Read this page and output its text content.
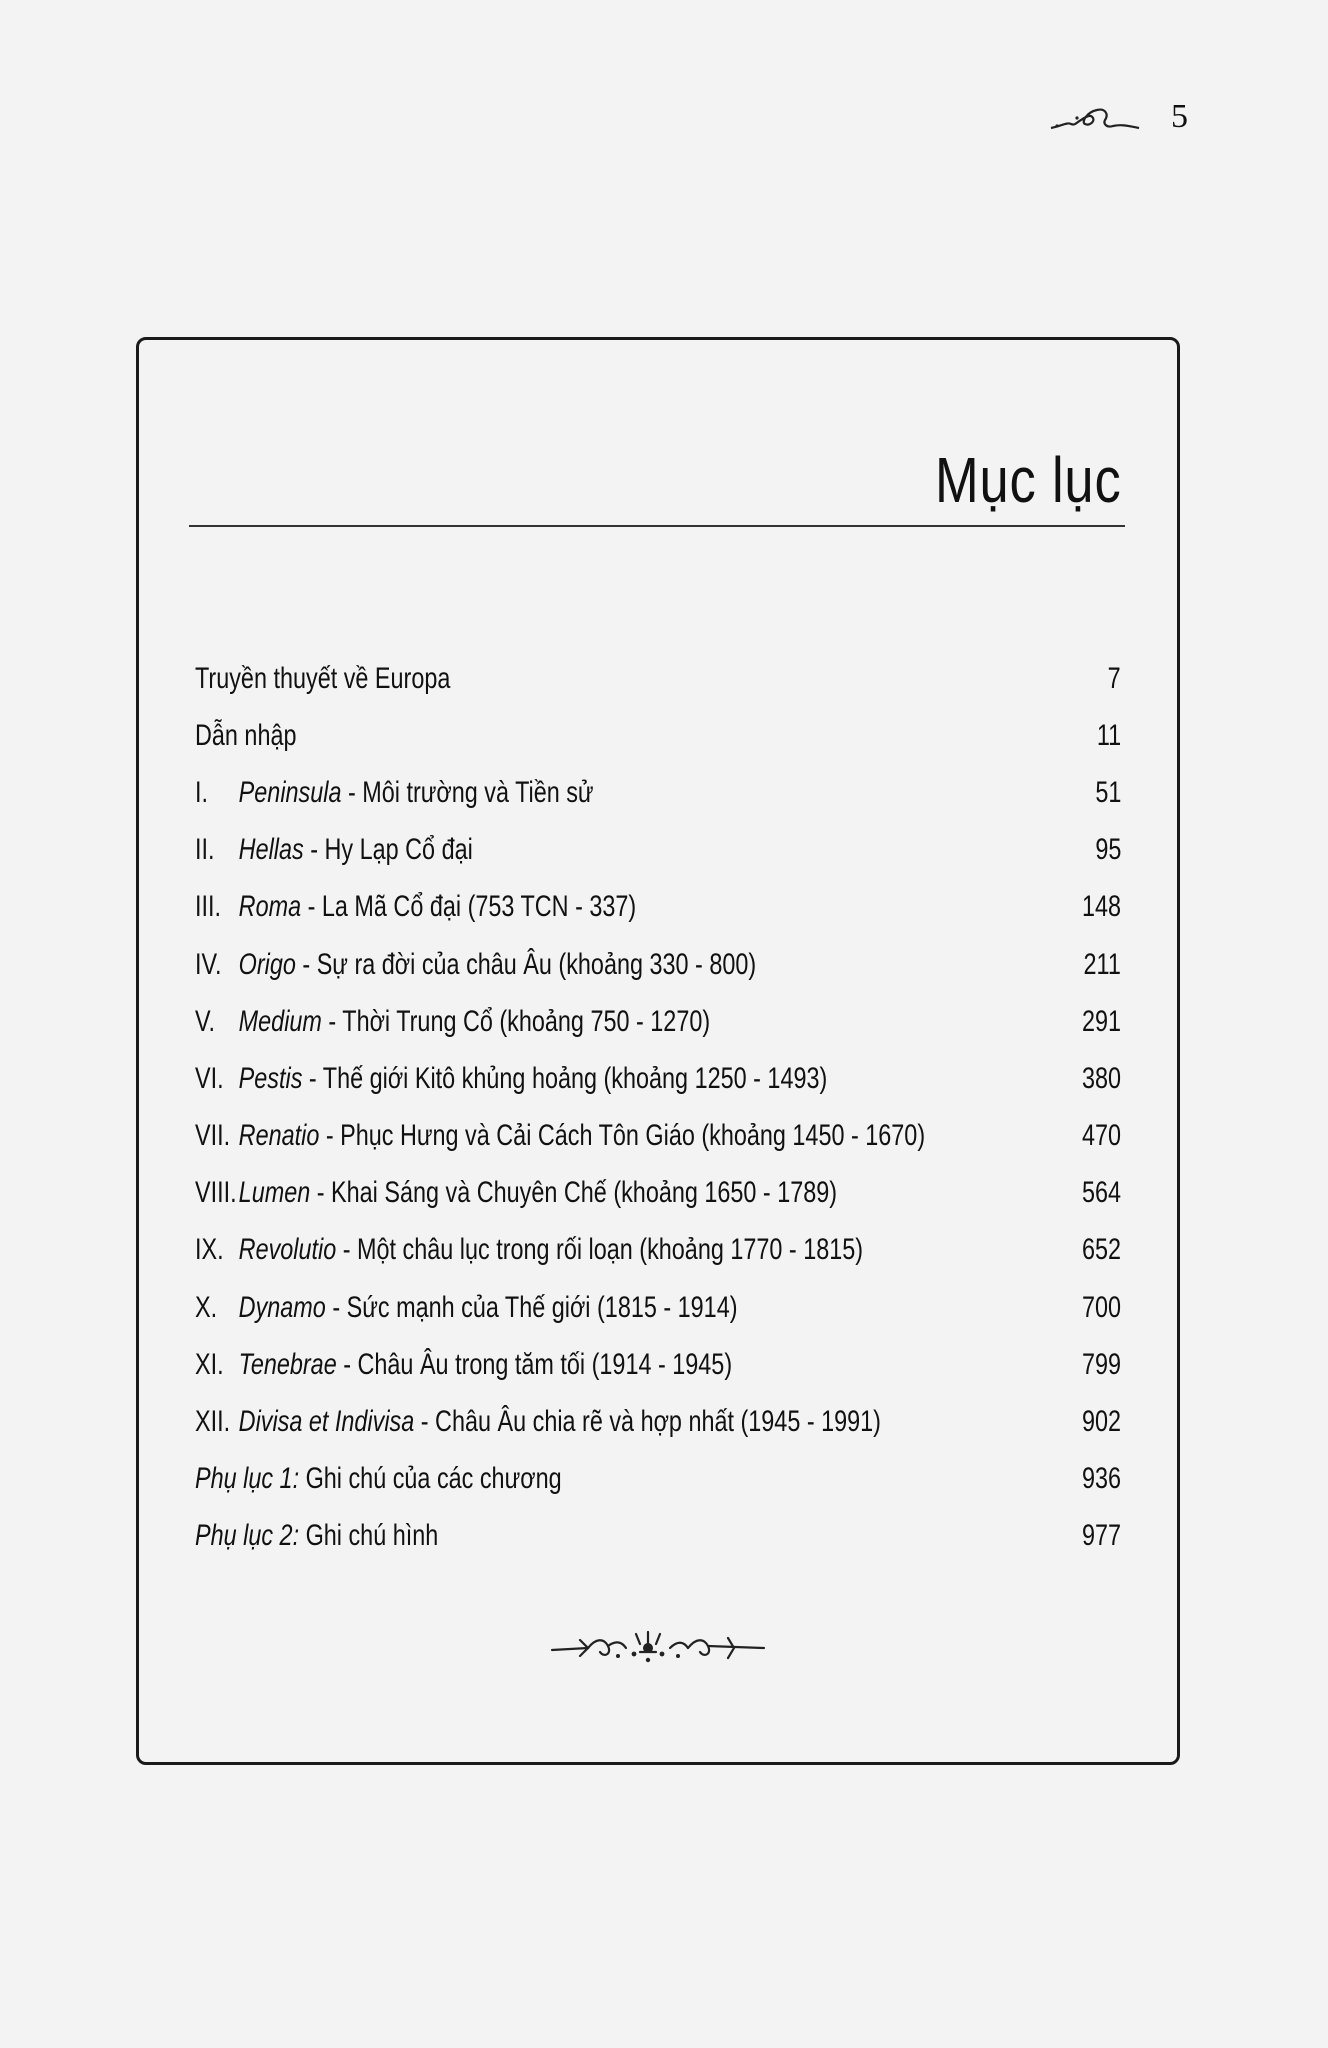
5
Mục lục
Truyền thuyết về Europa	7
Dẫn nhập	11
I. Peninsula - Môi trường và Tiền sử	51
II. Hellas - Hy Lạp Cổ đại	95
III. Roma - La Mã Cổ đại (753 TCN - 337)	148
IV. Origo - Sự ra đời của châu Âu (khoảng 330 - 800)	211
V. Medium - Thời Trung Cổ (khoảng 750 - 1270)	291
VI. Pestis - Thế giới Kitô khủng hoảng (khoảng 1250 - 1493)	380
VII. Renatio - Phục Hưng và Cải Cách Tôn Giáo (khoảng 1450 - 1670)	470
VIII.Lumen - Khai Sáng và Chuyên Chế (khoảng 1650 - 1789)	564
IX. Revolutio - Một châu lục trong rối loạn (khoảng 1770 - 1815)	652
X. Dynamo - Sức mạnh của Thế giới (1815 - 1914)	700
XI. Tenebrae - Châu Âu trong tăm tối (1914 - 1945)	799
XII. Divisa et Indivisa - Châu Âu chia rẽ và hợp nhất (1945 - 1991)	902
Phụ lục 1: Ghi chú của các chương	936
Phụ lục 2: Ghi chú hình	977
